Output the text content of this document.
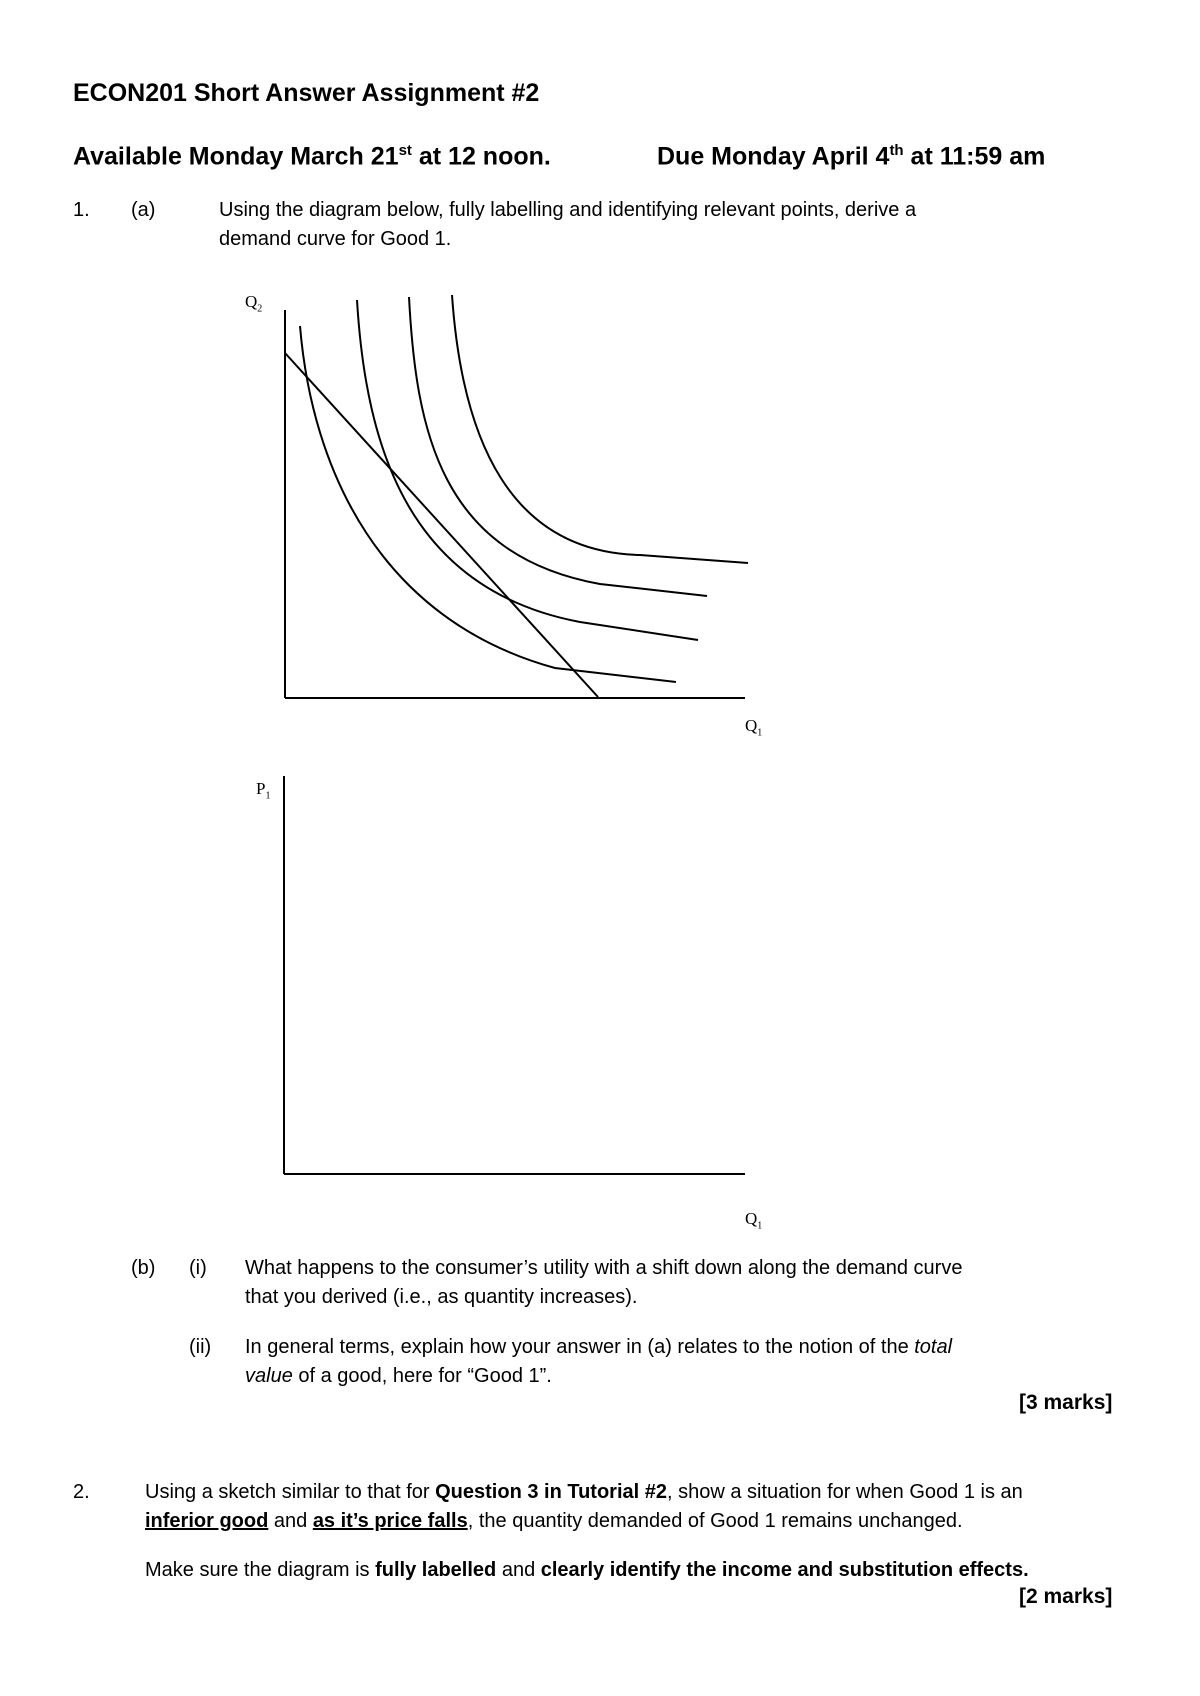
ECON201 Short Answer Assignment #2
Available Monday March 21st at 12 noon.	Due Monday April 4th at 11:59 am
1. (a)	Using the diagram below, fully labelling and identifying relevant points, derive a
demand curve for Good 1.
$Q_2$
$Q_1$
$P_1$
$Q_1$
(b) (i) What happens to the consumer’s utility with a shift down along the demand curve
that you derived (i.e., as quantity increases).
(ii) In general terms, explain how your answer in (a) relates to the notion of the total
value of a good, here for “Good 1”.
[3 marks]
2.	Using a sketch similar to that for Question 3 in Tutorial #2, show a situation for when Good 1 is an
inferior good and as it’s price falls, the quantity demanded of Good 1 remains unchanged.
Make sure the diagram is fully labelled and clearly identify the income and substitution effects.
[2 marks]
